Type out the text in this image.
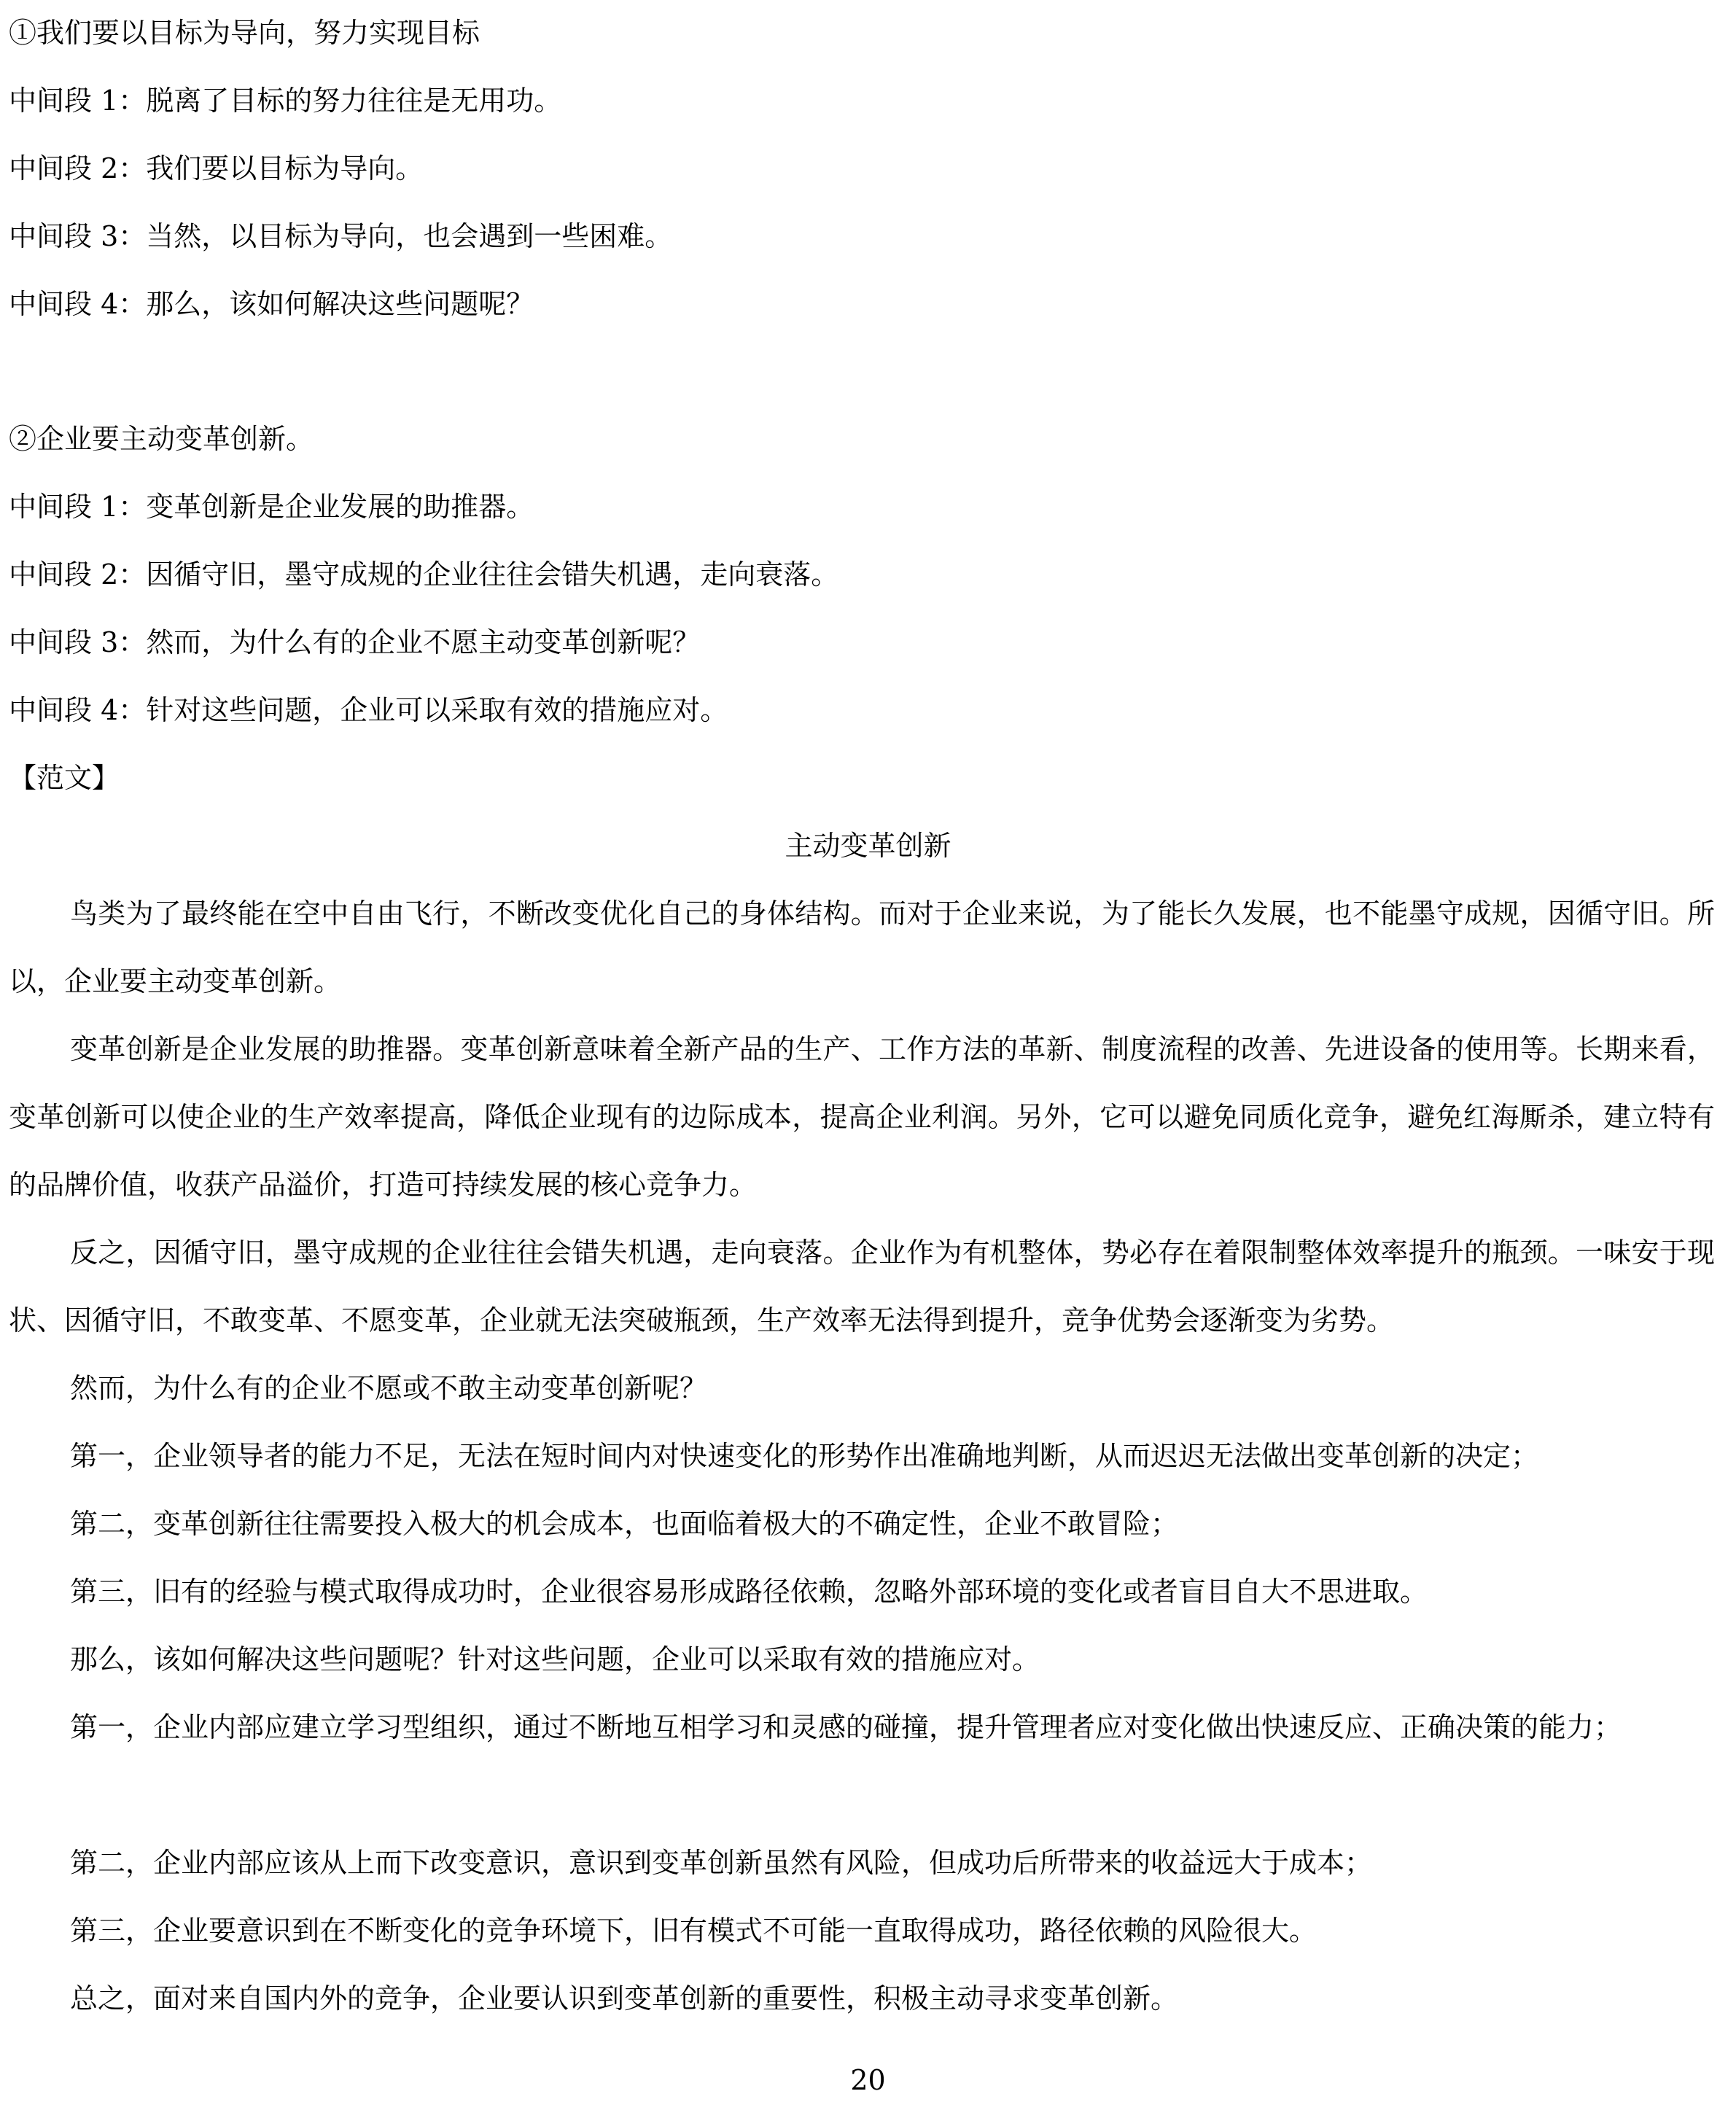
①我们要以目标为导向，努力实现目标
中间段 1：脱离了目标的努力往往是无用功。
中间段 2：我们要以目标为导向。
中间段 3：当然，以目标为导向，也会遇到一些困难。
中间段 4：那么，该如何解决这些问题呢？
②企业要主动变革创新。
中间段 1：变革创新是企业发展的助推器。
中间段 2：因循守旧，墨守成规的企业往往会错失机遇，走向衰落。
中间段 3：然而，为什么有的企业不愿主动变革创新呢？
中间段 4：针对这些问题，企业可以采取有效的措施应对。
【范文】
主动变革创新
鸟类为了最终能在空中自由飞行，不断改变优化自己的身体结构。而对于企业来说，为了能长久发展，也不能墨守成规，因循守旧。所以，企业要主动变革创新。
变革创新是企业发展的助推器。变革创新意味着全新产品的生产、工作方法的革新、制度流程的改善、先进设备的使用等。长期来看，变革创新可以使企业的生产效率提高，降低企业现有的边际成本，提高企业利润。另外，它可以避免同质化竞争，避免红海厮杀，建立特有的品牌价值，收获产品溢价，打造可持续发展的核心竞争力。
反之，因循守旧，墨守成规的企业往往会错失机遇，走向衰落。企业作为有机整体，势必存在着限制整体效率提升的瓶颈。一味安于现状、因循守旧，不敢变革、不愿变革，企业就无法突破瓶颈，生产效率无法得到提升，竞争优势会逐渐变为劣势。
然而，为什么有的企业不愿或不敢主动变革创新呢？
第一，企业领导者的能力不足，无法在短时间内对快速变化的形势作出准确地判断，从而迟迟无法做出变革创新的决定；
第二，变革创新往往需要投入极大的机会成本，也面临着极大的不确定性，企业不敢冒险；
第三，旧有的经验与模式取得成功时，企业很容易形成路径依赖，忽略外部环境的变化或者盲目自大不思进取。
那么，该如何解决这些问题呢？针对这些问题，企业可以采取有效的措施应对。
第一，企业内部应建立学习型组织，通过不断地互相学习和灵感的碰撞，提升管理者应对变化做出快速反应、正确决策的能力；
第二，企业内部应该从上而下改变意识，意识到变革创新虽然有风险，但成功后所带来的收益远大于成本；
第三，企业要意识到在不断变化的竞争环境下，旧有模式不可能一直取得成功，路径依赖的风险很大。
总之，面对来自国内外的竞争，企业要认识到变革创新的重要性，积极主动寻求变革创新。
20
